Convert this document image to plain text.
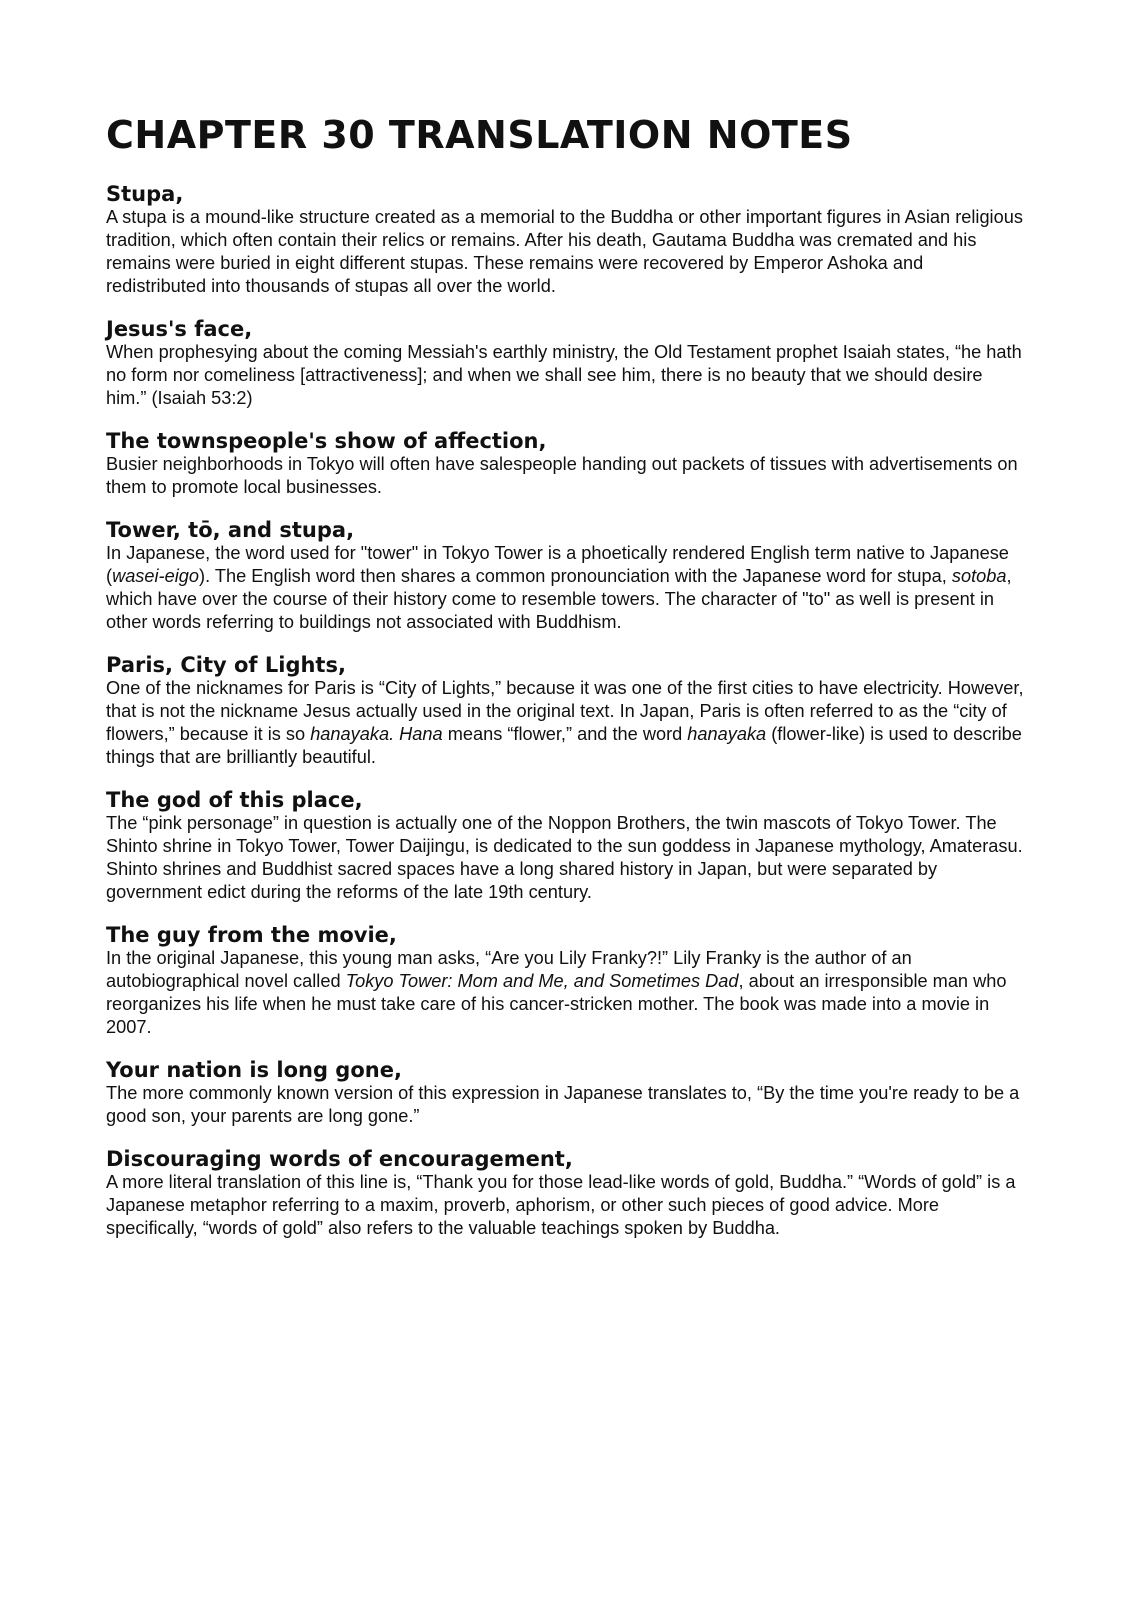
CHAPTER 30 TRANSLATION NOTES
Stupa,

A stupa is a mound-like structure created as a memorial to the Buddha or other important figures in Asian religious tradition, which often contain their relics or remains. After his death, Gautama Buddha was cremated and his remains were buried in eight different stupas. These remains were recovered by Emperor Ashoka and redistributed into thousands of stupas all over the world.

Jesus's face,

When prophesying about the coming Messiah's earthly ministry, the Old Testament prophet Isaiah states, “he hath no form nor comeliness [attractiveness]; and when we shall see him, there is no beauty that we should desire him.” (Isaiah 53:2)

The townspeople's show of affection,

Busier neighborhoods in Tokyo will often have salespeople handing out packets of tissues with advertisements on them to promote local businesses.

Tower, tō, and stupa,

In Japanese, the word used for "tower" in Tokyo Tower is a phoetically rendered English term native to Japanese (wasei-eigo). The English word then shares a common pronounciation with the Japanese word for stupa, sotoba, which have over the course of their history come to resemble towers. The character of "to" as well is present in other words referring to buildings not associated with Buddhism.

Paris, City of Lights,

One of the nicknames for Paris is “City of Lights,” because it was one of the first cities to have electricity. However, that is not the nickname Jesus actually used in the original text. In Japan, Paris is often referred to as the “city of flowers,” because it is so hanayaka. Hana means “flower,” and the word hanayaka (flower-like) is used to describe things that are brilliantly beautiful.

The god of this place,

The “pink personage” in question is actually one of the Noppon Brothers, the twin mascots of Tokyo Tower. The Shinto shrine in Tokyo Tower, Tower Daijingu, is dedicated to the sun goddess in Japanese mythology, Amaterasu. Shinto shrines and Buddhist sacred spaces have a long shared history in Japan, but were separated by government edict during the reforms of the late 19th century.

The guy from the movie,

In the original Japanese, this young man asks, “Are you Lily Franky?!” Lily Franky is the author of an autobiographical novel called Tokyo Tower: Mom and Me, and Sometimes Dad, about an irresponsible man who reorganizes his life when he must take care of his cancer-stricken mother. The book was made into a movie in 2007.

Your nation is long gone,

The more commonly known version of this expression in Japanese translates to, “By the time you're ready to be a good son, your parents are long gone.”

Discouraging words of encouragement,

A more literal translation of this line is, “Thank you for those lead-like words of gold, Buddha.” “Words of gold” is a Japanese metaphor referring to a maxim, proverb, aphorism, or other such pieces of good advice. More specifically, “words of gold” also refers to the valuable teachings spoken by Buddha.
